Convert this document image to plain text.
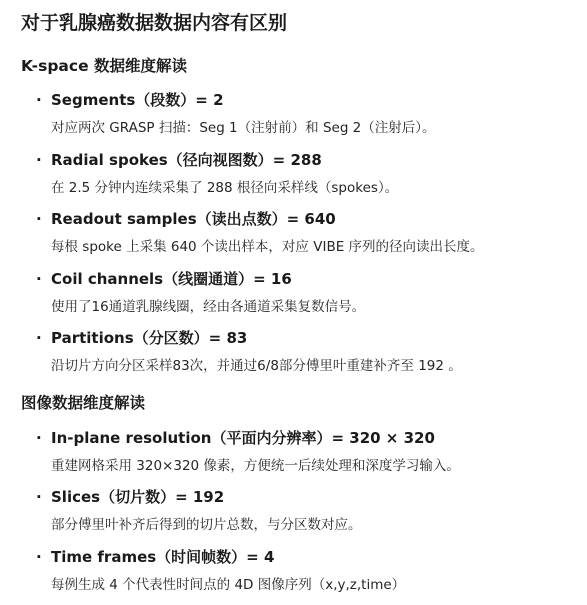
对于乳腺癌数据数据内容有区别
K-space 数据维度解读
· Segments（段数）= 2
对应两次 GRASP 扫描：Seg 1（注射前）和 Seg 2（注射后）。
· Radial spokes（径向视图数）= 288
在 2.5 分钟内连续采集了 288 根径向采样线（spokes）。
· Readout samples（读出点数）= 640
每根 spoke 上采集 640 个读出样本，对应 VIBE 序列的径向读出长度。
· Coil channels（线圈通道）= 16
使用了16通道乳腺线圈，经由各通道采集复数信号。
· Partitions（分区数）= 83
沿切片方向分区采样83次，并通过6/8部分傅里叶重建补齐至 192 。
图像数据维度解读
· In-plane resolution（平面内分辨率）= 320 × 320
重建网格采用 320×320 像素，方便统一后续处理和深度学习输入。
· Slices（切片数）= 192
部分傅里叶补齐后得到的切片总数，与分区数对应。
· Time frames（时间帧数）= 4
每例生成 4 个代表性时间点的 4D 图像序列（x,y,z,time）
